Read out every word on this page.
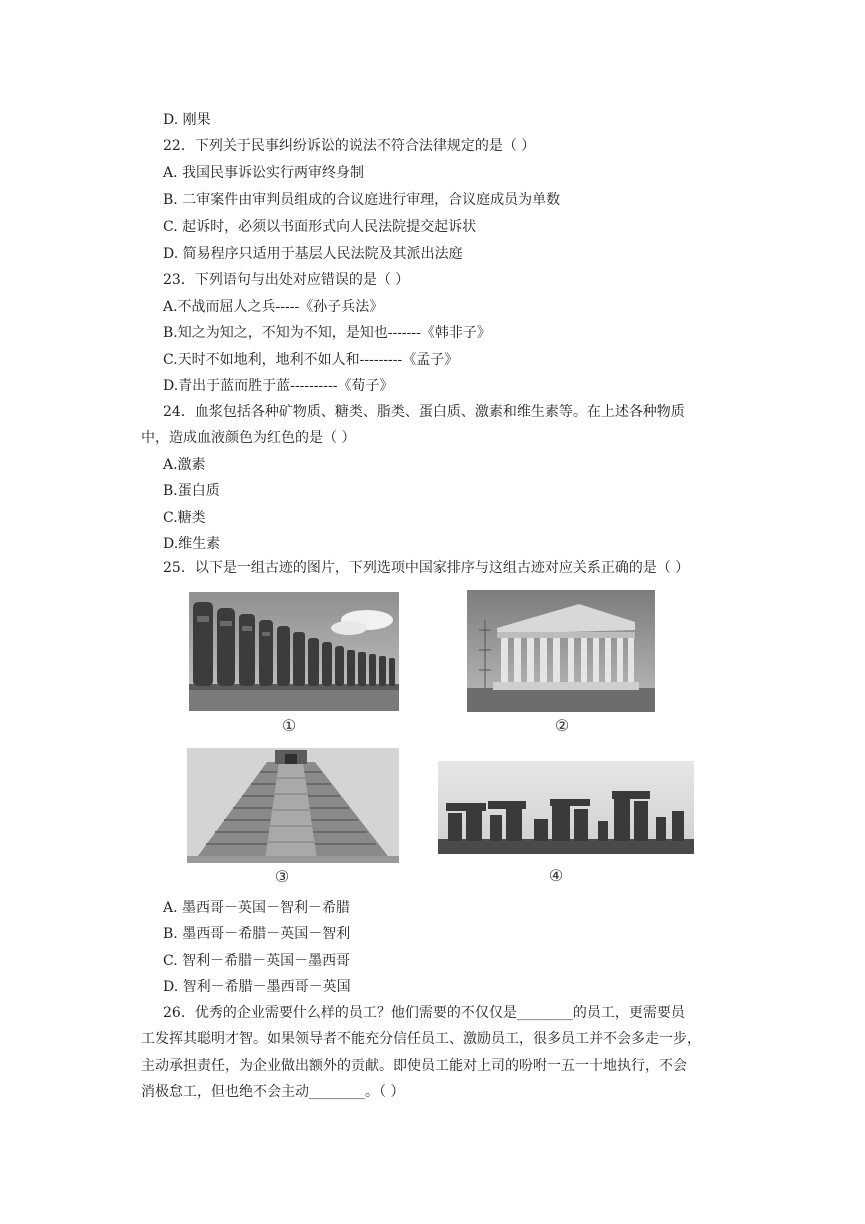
D. 刚果
22．下列关于民事纠纷诉讼的说法不符合法律规定的是（ ）
A. 我国民事诉讼实行两审终身制
B. 二审案件由审判员组成的合议庭进行审理，合议庭成员为单数
C. 起诉时，必须以书面形式向人民法院提交起诉状
D. 简易程序只适用于基层人民法院及其派出法庭
23．下列语句与出处对应错误的是（ ）
A.不战而屈人之兵-----《孙子兵法》
B.知之为知之，不知为不知，是知也-------《韩非子》
C.天时不如地利，地利不如人和---------《孟子》
D.青出于蓝而胜于蓝----------《荀子》
24．血浆包括各种矿物质、糖类、脂类、蛋白质、激素和维生素等。在上述各种物质
中，造成血液颜色为红色的是（ ）
A.激素
B.蛋白质
C.糖类
D.维生素
25．以下是一组古迹的图片，下列选项中国家排序与这组古迹对应关系正确的是（ ）
①	②
③	④
A. 墨西哥－英国－智利－希腊
B. 墨西哥－希腊－英国－智利
C. 智利－希腊－英国－墨西哥
D. 智利－希腊－墨西哥－英国
26．优秀的企业需要什么样的员工？他们需要的不仅仅是________的员工，更需要员
工发挥其聪明才智。如果领导者不能充分信任员工、激励员工，很多员工并不会多走一步，
主动承担责任，为企业做出额外的贡献。即使员工能对上司的吩咐一五一十地执行，不会
消极怠工，但也绝不会主动________。（ ）
